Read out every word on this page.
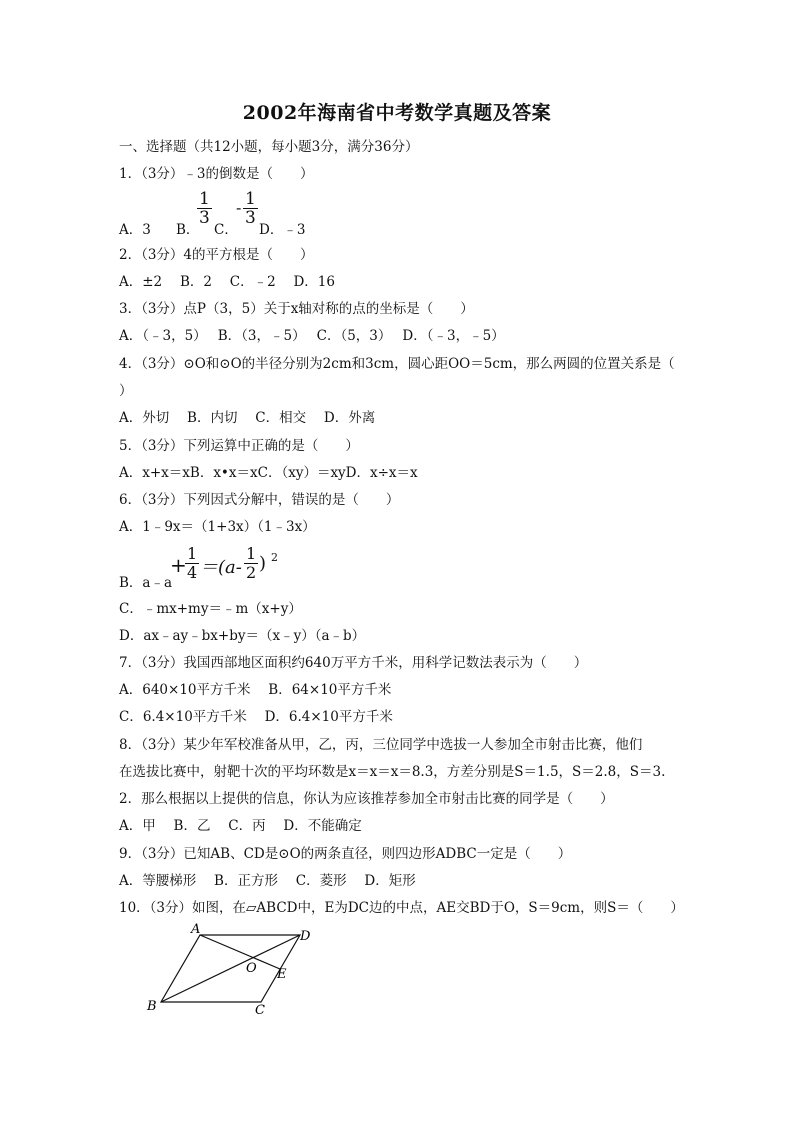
2002年海南省中考数学真题及答案
一、选择题（共12小题，每小题3分，满分36分）
1．（3分）﹣3的倒数是（　　）
A．3 B．
$\frac{1}{3}$
C．
- $\frac{1}{3}$
D．﹣3
2．（3分）4的平方根是（　　）
A．±2　 B．2　 C．﹣2　 D．16
3．（3分）点P（3，5）关于x轴对称的点的坐标是（　　）
A．（﹣3，5）　 B．（3，﹣5）　 C．（5，3）　 D．（﹣3，﹣5）
4．（3分）⊙O和⊙O的半径分别为2cm和3cm，圆心距OO＝5cm，那么两圆的位置关系是（
）
A．外切　 B．内切　 C．相交　 D．外离
5．（3分）下列运算中正确的是（　　）
A．x+x＝xB．x•x＝xC．（xy）＝xyD．x÷x＝x
6．（3分）下列因式分解中，错误的是（　　）
A．1﹣9x＝（1+3x）（1﹣3x）
B．a﹣a
+
$\frac{1}{4} =(a- \frac{1}{2}$ ) 2
C．﹣mx+my＝﹣m（x+y）
D．ax﹣ay﹣bx+by＝（x﹣y）（a﹣b）
7．（3分）我国西部地区面积约640万平方千米，用科学记数法表示为（　　）
A．640×10平方千米　 B．64×10平方千米
C．6.4×10平方千米　 D．6.4×10平方千米
8．（3分）某少年军校准备从甲，乙，丙，三位同学中选拔一人参加全市射击比赛，他们
在选拔比赛中，射靶十次的平均环数是x＝x＝x＝8.3，方差分别是S＝1.5，S＝2.8，S＝3.
2．那么根据以上提供的信息，你认为应该推荐参加全市射击比赛的同学是（　　）
A．甲　 B．乙　 C．丙　 D．不能确定
9．（3分）已知AB、CD是⊙O的两条直径，则四边形ADBC一定是（　　）
A．等腰梯形　 B．正方形　 C．菱形　 D．矩形
10．（3分）如图，在▱ABCD中，E为DC边的中点，AE交BD于O，S＝9cm，则S＝（　　）
A	D
O E
B	C
